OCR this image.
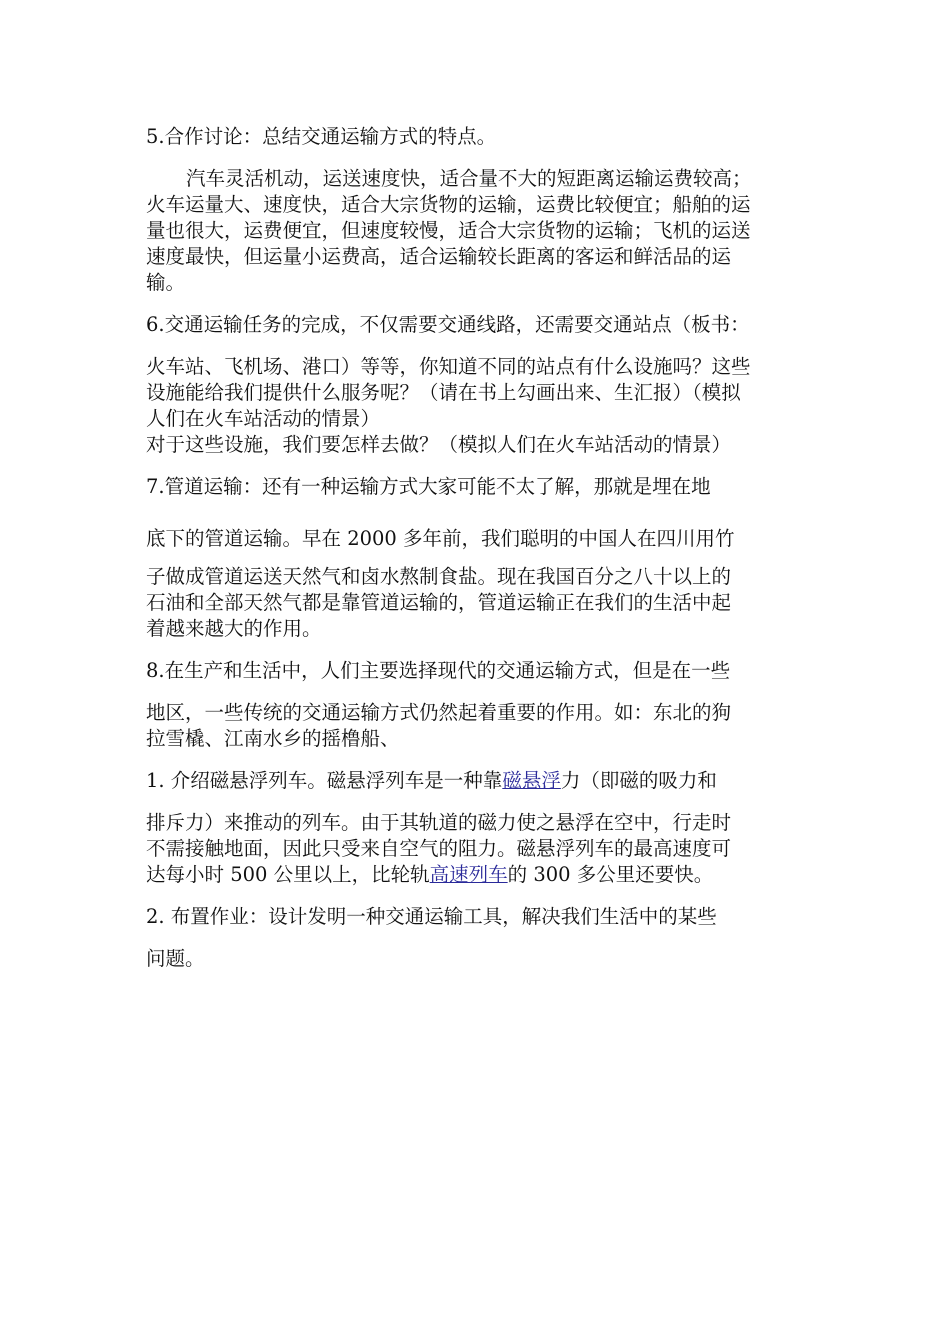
5.合作讨论：总结交通运输方式的特点。

汽车灵活机动，运送速度快，适合量不大的短距离运输运费较高；

火车运量大、速度快，适合大宗货物的运输，运费比较便宜；船舶的运

量也很大，运费便宜，但速度较慢，适合大宗货物的运输；飞机的运送

速度最快，但运量小运费高，适合运输较长距离的客运和鲜活品的运

输。

6.交通运输任务的完成，不仅需要交通线路，还需要交通站点（板书：

火车站、飞机场、港口）等等，你知道不同的站点有什么设施吗？这些

设施能给我们提供什么服务呢？（请在书上勾画出来、生汇报）（模拟

人们在火车站活动的情景）

对于这些设施，我们要怎样去做？（模拟人们在火车站活动的情景）

7.管道运输：还有一种运输方式大家可能不太了解，那就是埋在地

底下的管道运输。早在 2000 多年前，我们聪明的中国人在四川用竹

子做成管道运送天然气和卤水熬制食盐。现在我国百分之八十以上的

石油和全部天然气都是靠管道运输的，管道运输正在我们的生活中起

着越来越大的作用。

8.在生产和生活中，人们主要选择现代的交通运输方式，但是在一些

地区，一些传统的交通运输方式仍然起着重要的作用。如：东北的狗

拉雪橇、江南水乡的摇橹船、

1. 介绍磁悬浮列车。磁悬浮列车是一种靠磁悬浮力（即磁的吸力和

排斥力）来推动的列车。由于其轨道的磁力使之悬浮在空中，行走时

不需接触地面，因此只受来自空气的阻力。磁悬浮列车的最高速度可

达每小时 500 公里以上，比轮轨高速列车的 300 多公里还要快。

2. 布置作业：设计发明一种交通运输工具，解决我们生活中的某些

问题。
